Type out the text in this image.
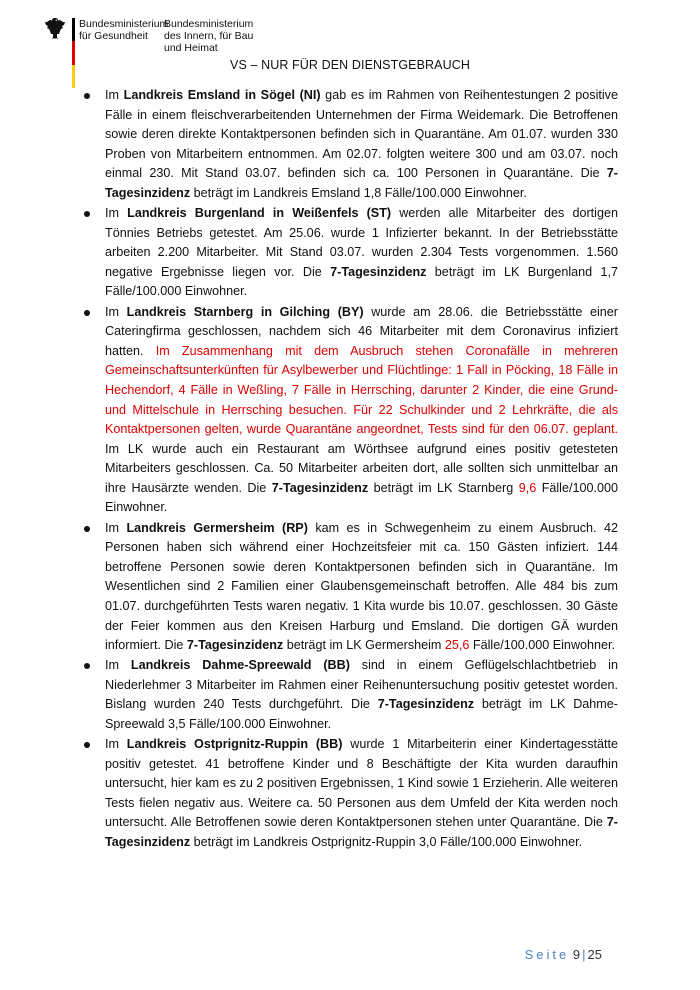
Bundesministerium
für Gesundheit
Bundesministerium
des Innern, für Bau
und Heimat
VS – NUR FÜR DEN DIENSTGEBRAUCH
Im Landkreis Emsland in Sögel (NI) gab es im Rahmen von Reihentestungen 2 positive Fälle in einem fleischverarbeitenden Unternehmen der Firma Weidemark. Die Betroffenen sowie deren direkte Kontaktpersonen befinden sich in Quarantäne. Am 01.07. wurden 330 Proben von Mitarbeitern entnommen. Am 02.07. folgten weitere 300 und am 03.07. noch einmal 230. Mit Stand 03.07. befinden sich ca. 100 Personen in Quarantäne. Die 7-Tagesinzidenz beträgt im Landkreis Emsland 1,8 Fälle/100.000 Einwohner.
Im Landkreis Burgenland in Weißenfels (ST) werden alle Mitarbeiter des dortigen Tönnies Betriebs getestet. Am 25.06. wurde 1 Infizierter bekannt. In der Betriebsstätte arbeiten 2.200 Mitarbeiter. Mit Stand 03.07. wurden 2.304 Tests vorgenommen. 1.560 negative Ergebnisse liegen vor. Die 7-Tagesinzidenz beträgt im LK Burgenland 1,7 Fälle/100.000 Einwohner.
Im Landkreis Starnberg in Gilching (BY) wurde am 28.06. die Betriebsstätte einer Cateringfirma geschlossen, nachdem sich 46 Mitarbeiter mit dem Coronavirus infiziert hatten. Im Zusammenhang mit dem Ausbruch stehen Coronafälle in mehreren Gemeinschaftsunterkünften für Asylbewerber und Flüchtlinge: 1 Fall in Pöcking, 18 Fälle in Hechendorf, 4 Fälle in Weßling, 7 Fälle in Herrsching, darunter 2 Kinder, die eine Grund- und Mittelschule in Herrsching besuchen. Für 22 Schulkinder und 2 Lehrkräfte, die als Kontaktpersonen gelten, wurde Quarantäne angeordnet, Tests sind für den 06.07. geplant. Im LK wurde auch ein Restaurant am Wörthsee aufgrund eines positiv getesteten Mitarbeiters geschlossen. Ca. 50 Mitarbeiter arbeiten dort, alle sollten sich unmittelbar an ihre Hausärzte wenden. Die 7-Tagesinzidenz beträgt im LK Starnberg 9,6 Fälle/100.000 Einwohner.
Im Landkreis Germersheim (RP) kam es in Schwegenheim zu einem Ausbruch. 42 Personen haben sich während einer Hochzeitsfeier mit ca. 150 Gästen infiziert. 144 betroffene Personen sowie deren Kontaktpersonen befinden sich in Quarantäne. Im Wesentlichen sind 2 Familien einer Glaubensgemeinschaft betroffen. Alle 484 bis zum 01.07. durchgeführten Tests waren negativ. 1 Kita wurde bis 10.07. geschlossen. 30 Gäste der Feier kommen aus den Kreisen Harburg und Emsland. Die dortigen GÄ wurden informiert. Die 7-Tagesinzidenz beträgt im LK Germersheim 25,6 Fälle/100.000 Einwohner.
Im Landkreis Dahme-Spreewald (BB) sind in einem Geflügelschlachtbetrieb in Niederlehmer 3 Mitarbeiter im Rahmen einer Reihenuntersuchung positiv getestet worden. Bislang wurden 240 Tests durchgeführt. Die 7-Tagesinzidenz beträgt im LK Dahme-Spreewald 3,5 Fälle/100.000 Einwohner.
Im Landkreis Ostprignitz-Ruppin (BB) wurde 1 Mitarbeiterin einer Kindertagesstätte positiv getestet. 41 betroffene Kinder und 8 Beschäftigte der Kita wurden daraufhin untersucht, hier kam es zu 2 positiven Ergebnissen, 1 Kind sowie 1 Erzieherin. Alle weiteren Tests fielen negativ aus. Weitere ca. 50 Personen aus dem Umfeld der Kita werden noch untersucht. Alle Betroffenen sowie deren Kontaktpersonen stehen unter Quarantäne. Die 7-Tagesinzidenz beträgt im Landkreis Ostprignitz-Ruppin 3,0 Fälle/100.000 Einwohner.
Seite 9 | 25
